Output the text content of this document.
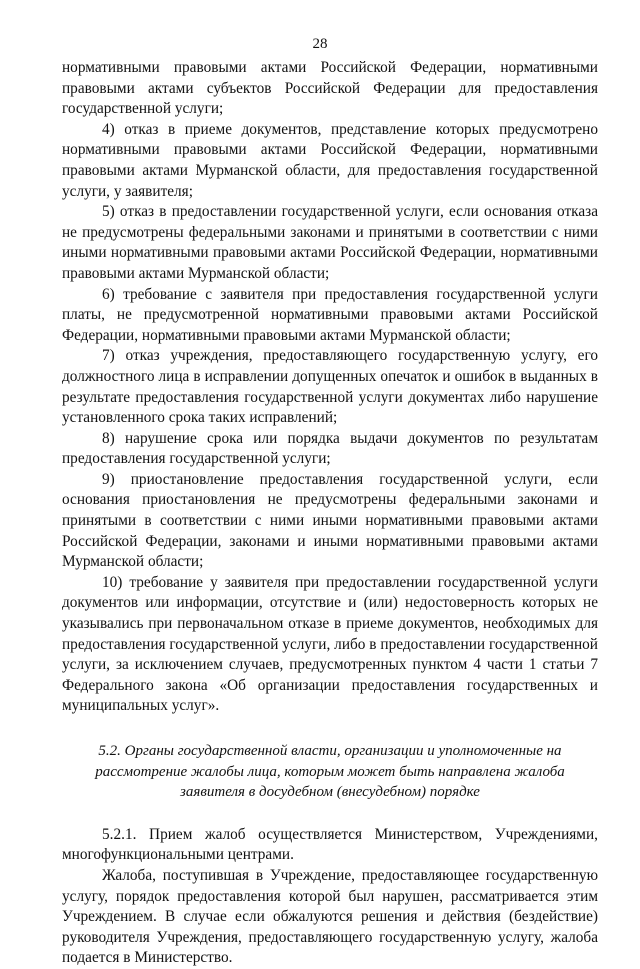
28

нормативными правовыми актами Российской Федерации, нормативными правовыми актами субъектов Российской Федерации для предоставления государственной услуги;

4) отказ в приеме документов, представление которых предусмотрено нормативными правовыми актами Российской Федерации, нормативными правовыми актами Мурманской области, для предоставления государственной услуги, у заявителя;

5) отказ в предоставлении государственной услуги, если основания отказа не предусмотрены федеральными законами и принятыми в соответствии с ними иными нормативными правовыми актами Российской Федерации, нормативными правовыми актами Мурманской области;

6) требование с заявителя при предоставления государственной услуги платы, не предусмотренной нормативными правовыми актами Российской Федерации, нормативными правовыми актами Мурманской области;

7) отказ учреждения, предоставляющего государственную услугу, его должностного лица в исправлении допущенных опечаток и ошибок в выданных в результате предоставления государственной услуги документах либо нарушение установленного срока таких исправлений;

8) нарушение срока или порядка выдачи документов по результатам предоставления государственной услуги;

9) приостановление предоставления государственной услуги, если основания приостановления не предусмотрены федеральными законами и принятыми в соответствии с ними иными нормативными правовыми актами Российской Федерации, законами и иными нормативными правовыми актами Мурманской области;

10) требование у заявителя при предоставлении государственной услуги документов или информации, отсутствие и (или) недостоверность которых не указывались при первоначальном отказе в приеме документов, необходимых для предоставления государственной услуги, либо в предоставлении государственной услуги, за исключением случаев, предусмотренных пунктом 4 части 1 статьи 7 Федерального закона «Об организации предоставления государственных и муниципальных услуг».

5.2. Органы государственной власти, организации и уполномоченные на рассмотрение жалобы лица, которым может быть направлена жалоба заявителя в досудебном (внесудебном) порядке

5.2.1. Прием жалоб осуществляется Министерством, Учреждениями, многофункциональными центрами.

Жалоба, поступившая в Учреждение, предоставляющее государственную услугу, порядок предоставления которой был нарушен, рассматривается этим Учреждением. В случае если обжалуются решения и действия (бездействие) руководителя Учреждения, предоставляющего государственную услугу, жалоба подается в Министерство.
